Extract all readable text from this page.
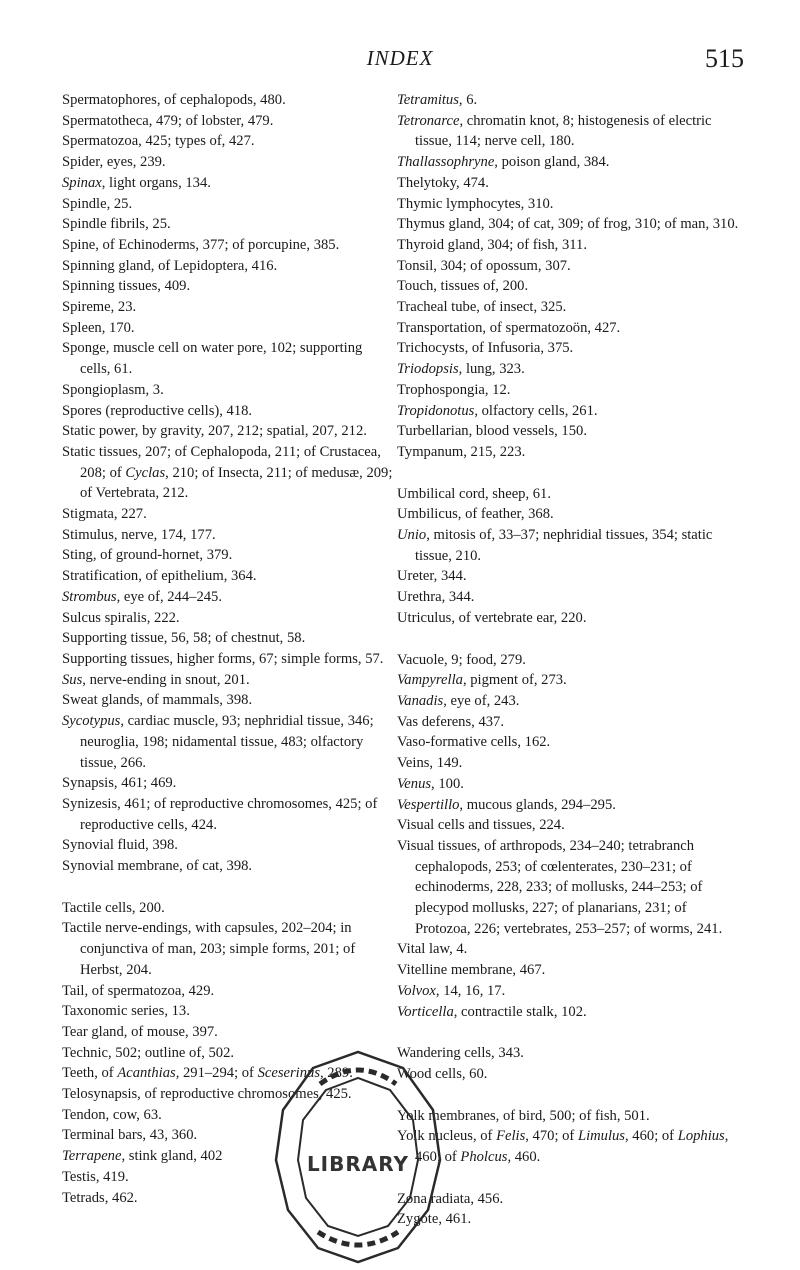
INDEX	515

Spermatophores, of cephalopods, 480.

Spermatotheca, 479; of lobster, 479.

Spermatozoa, 425; types of, 427.

Spider, eyes, 239.

Spinax, light organs, 134.

Spindle, 25.

Spindle fibrils, 25.

Spine, of Echinoderms, 377; of porcupine, 385.

Spinning gland, of Lepidoptera, 416.

Spinning tissues, 409.

Spireme, 23.

Spleen, 170.

Sponge, muscle cell on water pore, 102; supporting cells, 61.

Spongioplasm, 3.

Spores (reproductive cells), 418.

Static power, by gravity, 207, 212; spatial, 207, 212.

Static tissues, 207; of Cephalopoda, 211; of Crustacea, 208; of Cyclas, 210; of Insecta, 211; of medusæ, 209; of Vertebrata, 212.

Stigmata, 227.

Stimulus, nerve, 174, 177.

Sting, of ground-hornet, 379.

Stratification, of epithelium, 364.

Strombus, eye of, 244–245.

Sulcus spiralis, 222.

Supporting tissue, 56, 58; of chestnut, 58.

Supporting tissues, higher forms, 67; simple forms, 57.

Sus, nerve-ending in snout, 201.

Sweat glands, of mammals, 398.

Sycotypus, cardiac muscle, 93; nephridial tissue, 346; neuroglia, 198; nidamental tissue, 483; olfactory tissue, 266.

Synapsis, 461; 469.

Synizesis, 461; of reproductive chromosomes, 425; of reproductive cells, 424.

Synovial fluid, 398.

Synovial membrane, of cat, 398.

Tactile cells, 200.

Tactile nerve-endings, with capsules, 202–204; in conjunctiva of man, 203; simple forms, 201; of Herbst, 204.

Tail, of spermatozoa, 429.

Taxonomic series, 13.

Tear gland, of mouse, 397.

Technic, 502; outline of, 502.

Teeth, of Acanthias, 291–294; of Sceserinus, 289.

Telosynapsis, of reproductive chromosomes, 425.

Tendon, cow, 63.

Terminal bars, 43, 360.

Terrapene, stink gland, 402

Testis, 419.

Tetrads, 462.

Tetramitus, 6.

Tetronarce, chromatin knot, 8; histogenesis of electric tissue, 114; nerve cell, 180.

Thallassophryne, poison gland, 384.

Thelytoky, 474.

Thymic lymphocytes, 310.

Thymus gland, 304; of cat, 309; of frog, 310; of man, 310.

Thyroid gland, 304; of fish, 311.

Tonsil, 304; of opossum, 307.

Touch, tissues of, 200.

Tracheal tube, of insect, 325.

Transportation, of spermatozoön, 427.

Trichocysts, of Infusoria, 375.

Triodopsis, lung, 323.

Trophospongia, 12.

Tropidonotus, olfactory cells, 261.

Turbellarian, blood vessels, 150.

Tympanum, 215, 223.

Umbilical cord, sheep, 61.

Umbilicus, of feather, 368.

Unio, mitosis of, 33–37; nephridial tissues, 354; static tissue, 210.

Ureter, 344.

Urethra, 344.

Utriculus, of vertebrate ear, 220.

Vacuole, 9; food, 279.

Vampyrella, pigment of, 273.

Vanadis, eye of, 243.

Vas deferens, 437.

Vaso-formative cells, 162.

Veins, 149.

Venus, 100.

Vespertillo, mucous glands, 294–295.

Visual cells and tissues, 224.

Visual tissues, of arthropods, 234–240; tetrabranch cephalopods, 253; of cœlenterates, 230–231; of echinoderms, 228, 233; of mollusks, 244–253; of plecypod mollusks, 227; of planarians, 231; of Protozoa, 226; vertebrates, 253–257; of worms, 241.

Vital law, 4.

Vitelline membrane, 467.

Volvox, 14, 16, 17.

Vorticella, contractile stalk, 102.

Wandering cells, 343.

Wood cells, 60.

Yolk membranes, of bird, 500; of fish, 501.

Yolk nucleus, of Felis, 470; of Limulus, 460; of Lophius, 460; of Pholcus, 460.

Zona radiata, 456.

Zygote, 461.

LIBRARY
